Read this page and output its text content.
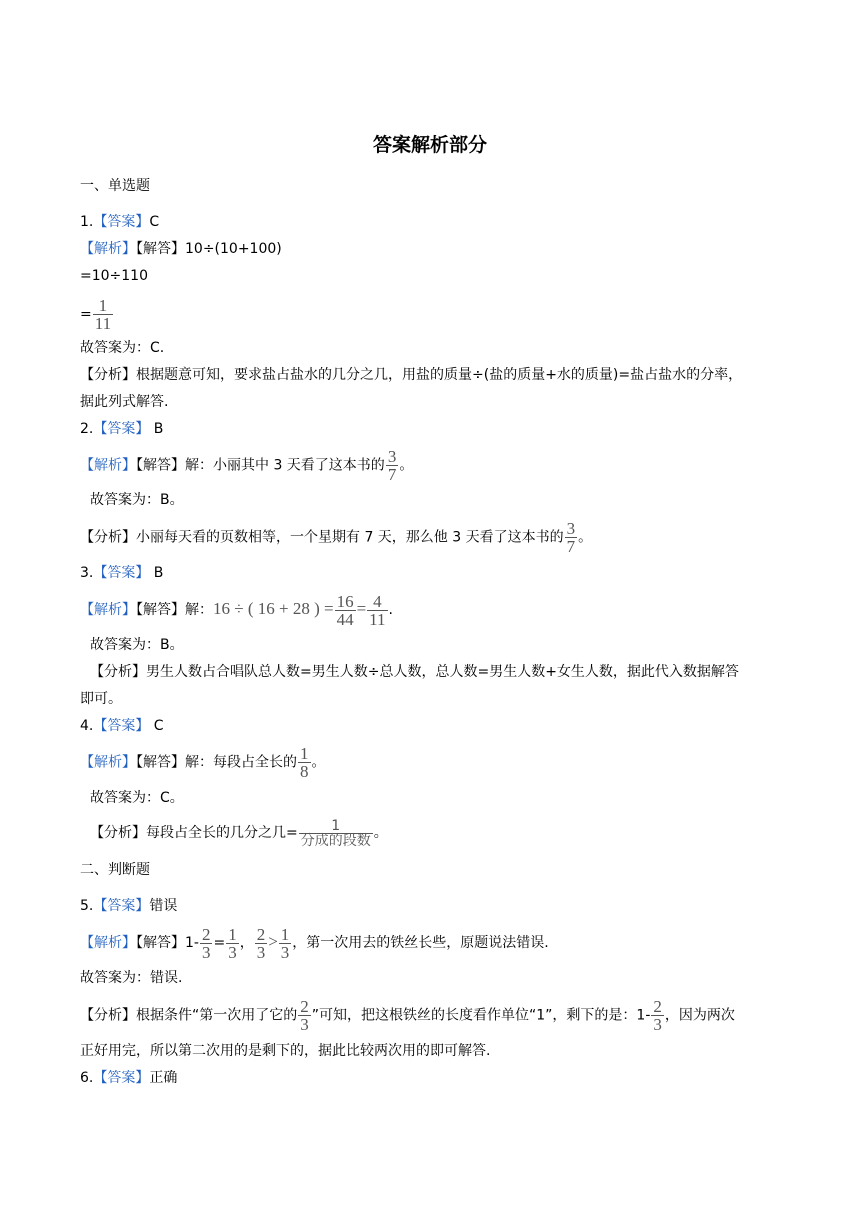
答案解析部分
一、单选题
1.【答案】C
【解析】【解答】10÷(10+100)
=10÷110
= $\frac{1}{11}$
故答案为：C.
【分析】根据题意可知，要求盐占盐水的几分之几，用盐的质量÷(盐的质量+水的质量)=盐占盐水的分率，
据此列式解答.
2.【答案】 B
【解析】【解答】解：小丽其中 3 天看了这本书的 $\frac{3}{7}$ 。
故答案为：B。
【分析】小丽每天看的页数相等，一个星期有 7 天，那么他 3 天看了这本书的 $\frac{3}{7}$ 。
3.【答案】 B
【解析】【解答】解：16 ÷ ( 16 + 28 ) = $\frac{16}{44} = \frac{4}{11}$ .
故答案为：B。
【分析】男生人数占合唱队总人数=男生人数÷总人数，总人数=男生人数+女生人数，据此代入数据解答
即可。
4.【答案】 C
【解析】【解答】解：每段占全长的 $\frac{1}{8}$ 。
故答案为：C。
【分析】每段占全长的几分之几= $\frac{1}{\text{分成的段数}}$ 。
二、判断题
5.【答案】错误
【解析】【解答】$1- \frac{2}{3} = \frac{1}{3}$ ， $\frac{2}{3} > \frac{1}{3}$ ，第一次用去的铁丝长些，原题说法错误.
故答案为：错误.
【分析】根据条件“第一次用了它的 $\frac{2}{3}$ ”可知，把这根铁丝的长度看作单位“1”，剩下的是：$1- \frac{2}{3}$ ，因为两次
正好用完，所以第二次用的是剩下的，据此比较两次用的即可解答.
6.【答案】正确
